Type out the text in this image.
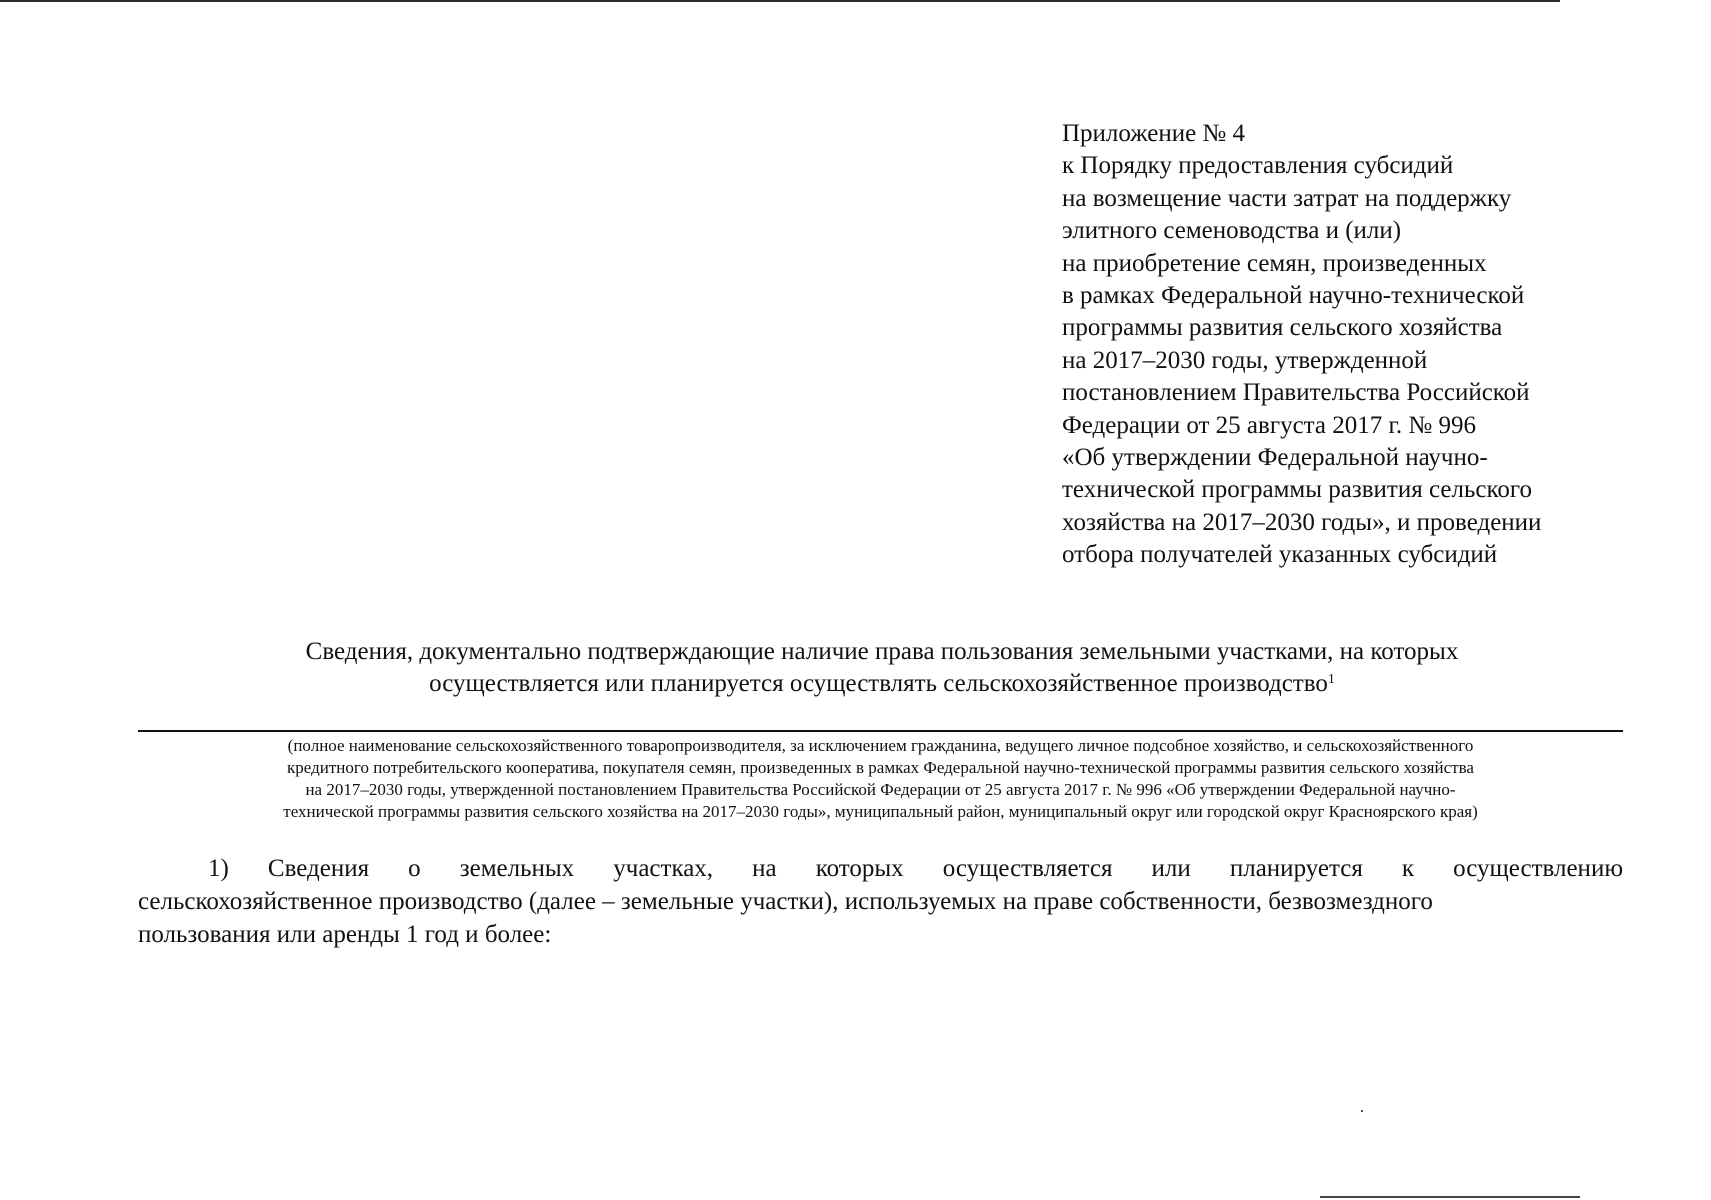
Приложение № 4
к Порядку предоставления субсидий
на возмещение части затрат на поддержку
элитного семеноводства и (или)
на приобретение семян, произведенных
в рамках Федеральной научно-технической
программы развития сельского хозяйства
на 2017–2030 годы, утвержденной
постановлением Правительства Российской
Федерации от 25 августа 2017 г. № 996
«Об утверждении Федеральной научно-
технической программы развития сельского
хозяйства на 2017–2030 годы», и проведении
отбора получателей указанных субсидий
Сведения, документально подтверждающие наличие права пользования земельными участками, на которых
осуществляется или планируется осуществлять сельскохозяйственное производство$^1$
(полное наименование сельскохозяйственного товаропроизводителя, за исключением гражданина, ведущего личное подсобное хозяйство, и сельскохозяйственного
кредитного потребительского кооператива, покупателя семян, произведенных в рамках Федеральной научно-технической программы развития сельского хозяйства
на 2017–2030 годы, утвержденной постановлением Правительства Российской Федерации от 25 августа 2017 г. № 996 «Об утверждении Федеральной научно-
технической программы развития сельского хозяйства на 2017–2030 годы», муниципальный район, муниципальный округ или городской округ Красноярского края)
1) Сведения о земельных участках, на которых осуществляется или планируется к осуществлению
сельскохозяйственное производство (далее – земельные участки), используемых на праве собственности, безвозмездного
пользования или аренды 1 год и более:
